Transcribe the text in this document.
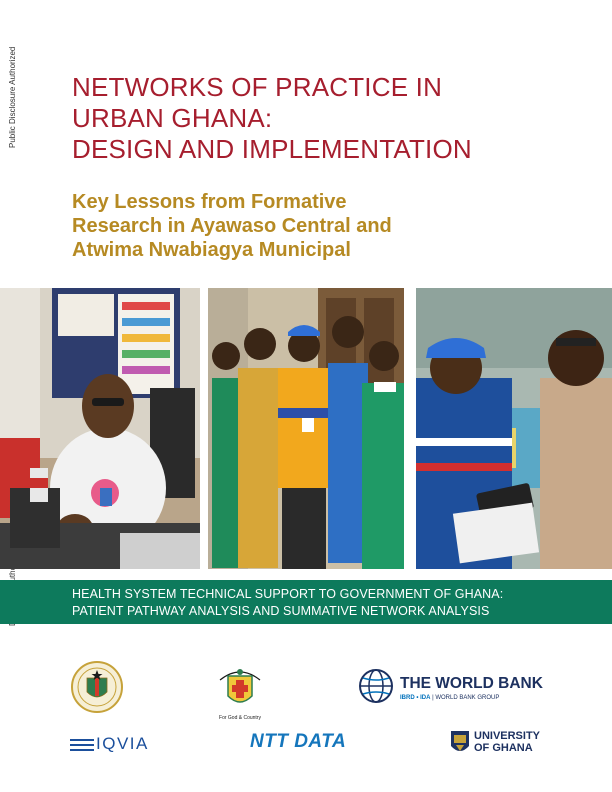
Public Disclosure Authorized NETWORKS OF PRACTICE IN
URBAN GHANA:
DESIGN AND IMPLEMENTATION
Key Lessons from Formative
Research in Ayawaso Central and
Atwima Nwabiagya Municipal
HEALTH SYSTEM TECHNICAL SUPPORT TO GOVERNMENT OF GHANA:
PATIENT PATHWAY ANALYSIS AND SUMMATIVE NETWORK ANALYSIS
For God & Country
THE WORLD BANK
IBRD • IDA | WORLD BANK GROUP
IQVIA	NTT DATA	UNIVERSITY
OF GHANA
